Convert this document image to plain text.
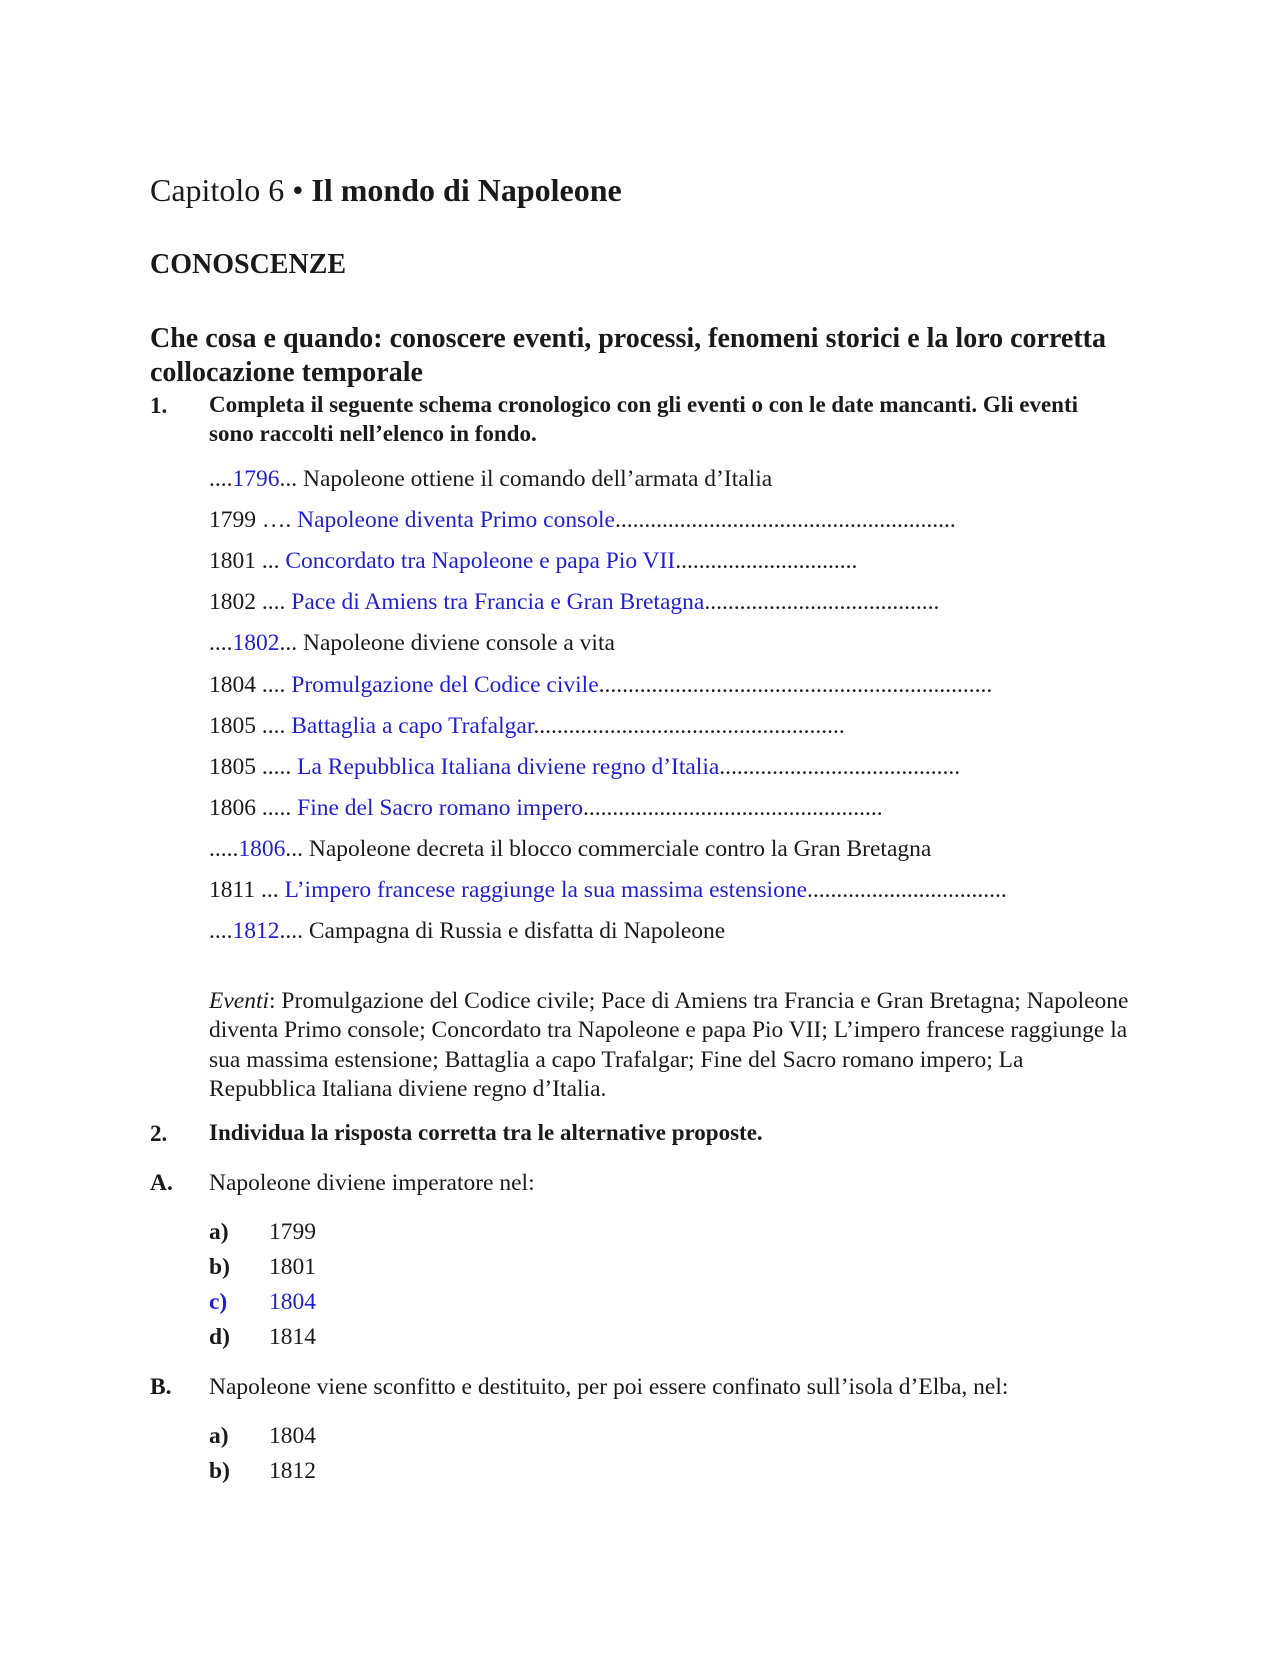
Capitolo 6 • Il mondo di Napoleone
CONOSCENZE
Che cosa e quando: conoscere eventi, processi, fenomeni storici e la loro corretta collocazione temporale
1. Completa il seguente schema cronologico con gli eventi o con le date mancanti. Gli eventi sono raccolti nell’elenco in fondo.
....1796... Napoleone ottiene il comando dell’armata d’Italia
1799 …. Napoleone diventa Primo console..........................................................
1801 ... Concordato tra Napoleone e papa Pio VII...............................
1802 .... Pace di Amiens tra Francia e Gran Bretagna........................................
....1802... Napoleone diviene console a vita
1804 .... Promulgazione del Codice civile...................................................................
1805 .... Battaglia a capo Trafalgar.....................................................
1805 ..... La Repubblica Italiana diviene regno d’Italia.........................................
1806 ..... Fine del Sacro romano impero...................................................
.....1806... Napoleone decreta il blocco commerciale contro la Gran Bretagna
1811 ... L’impero francese raggiunge la sua massima estensione..................................
....1812.... Campagna di Russia e disfatta di Napoleone
Eventi: Promulgazione del Codice civile; Pace di Amiens tra Francia e Gran Bretagna; Napoleone diventa Primo console; Concordato tra Napoleone e papa Pio VII; L’impero francese raggiunge la sua massima estensione; Battaglia a capo Trafalgar; Fine del Sacro romano impero; La Repubblica Italiana diviene regno d’Italia.
2. Individua la risposta corretta tra le alternative proposte.
A. Napoleone diviene imperatore nel:
a) 1799
b) 1801
c) 1804
d) 1814
B. Napoleone viene sconfitto e destituito, per poi essere confinato sull’isola d’Elba, nel:
a) 1804
b) 1812
